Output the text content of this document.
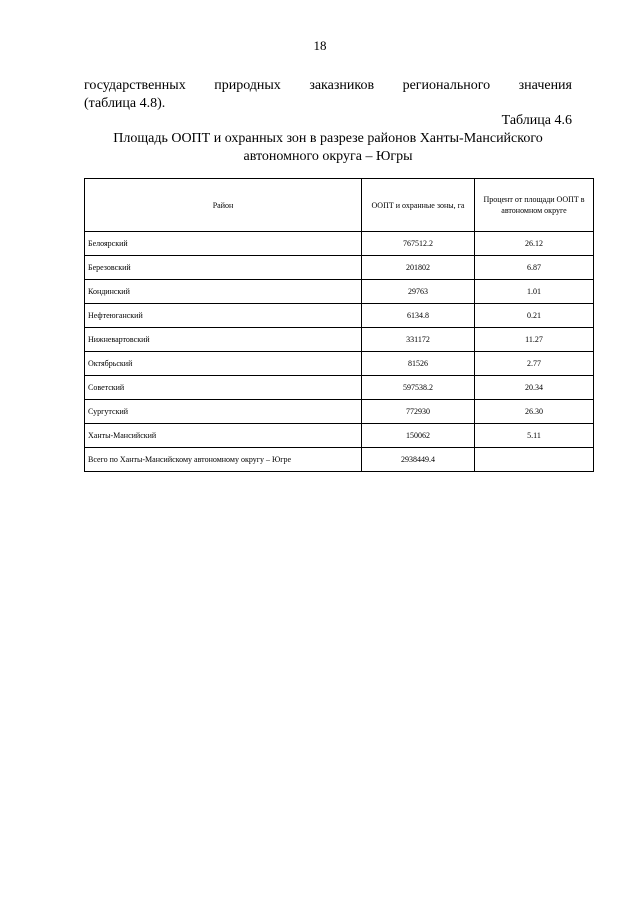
18
государственных природных заказников регионального значения
(таблица 4.8).
Таблица 4.6
Площадь ООПТ и охранных зон в разрезе районов Ханты-Мансийского
автономного округа – Югры
Район	ООПТ и охранные зоны, га	Процент от площади ООПТ в автономном округе
Белоярский	767512.2	26.12
Березовский	201802	6.87
Кондинский	29763	1.01
Нефтеюганский	6134.8	0.21
Нижневартовский	331172	11.27
Октябрьский	81526	2.77
Советский	597538.2	20.34
Сургутский	772930	26.30
Ханты-Мансийский	150062	5.11
Всего по Ханты-Мансийскому автономному округу – Югре	2938449.4	
